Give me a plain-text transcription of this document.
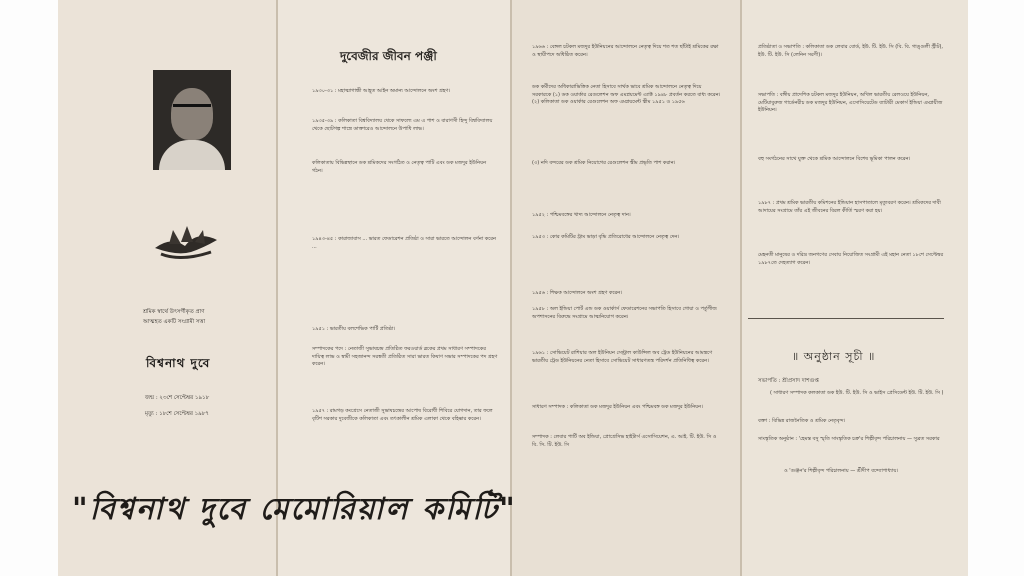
শ্রমিক স্বার্থে উৎসর্গীকৃত প্রাণ
আত্মহত একটি সংগ্রামী সত্তা
বিশ্বনাথ দুবে
জন্ম : ২৩শে সেপ্টেম্বর ১৯১৮
মৃত্যু : ১৮শে সেপ্টেম্বর ১৯৮৭
দুবেজীর জীবন পঞ্জী
১৯৩০-৩১ : মহাত্মাগান্ধী আহূত আইন অমান্য আন্দোলনে অংশ গ্রহণ।
১৯৩৫-৩৯ : কলিকাতা বিশ্ববিদ্যালয় থেকে সাফল্যে এম এ পাশ ও বারাণসী হিন্দু বিশ্ববিদ্যালয় থেকে ছোটগল্প শাস্ত্রে ডাক্তারেও আন্দোলনে উপাধি লাভ।
কলিকাতায় বিভিন্নস্থানে ডক শ্রমিকদের সংগঠিত ও নেতৃত্ব পাটি এবং ডক মজদুর ইউনিয়ন গঠন।
১৯৪৩-৪৫ : কারাজাবাস ... ভারত ফেডারেশন প্রতিষ্ঠা ও সারা ভারতে আন্দোলন বর্ণনা করেন ...
১৯৫১ : ভারতীয় বলশেভিক পার্টি প্রতিষ্ঠা।
সম্পাদকের পদে : নেতাজী সুভাষচন্দ্র প্রতিষ্ঠিত ফরওয়ার্ড ব্লকের প্রথম সাধারণ সম্পাদকের দায়িত্ব লাভ ও স্বামী সহজানন্দ সরস্বতী প্রতিষ্ঠিত সারা ভারত কিষাণ সভার সম্পাদকের পদ গ্রহণ করেন।
১৯৫৭ : রামগড় কংগ্রেসে নেতাজী সুভাষচন্দ্রের আপোষ বিরোধী শিবিরে যোগদান, তার ফলে বৃটিশ সরকার দুবেজীকে কলিকাতা এবং তৎকালীন শ্রমিক এলাকা থেকে বহিষ্কার করেন।
১৯৬৬ : বেঙ্গল চটকল মজদুর ইউনিয়নের আন্দোলনে নেতৃত্ব দিয়ে শত শত ছাঁটাই শ্রমিকের রক্ষা ও স্থায়ীপদে অধিষ্ঠিত করেন।
ডক কর্মীদের অধিকারাভিত্তিক নেতা হিসাবে সার্থক ভাবে শ্রমিক আন্দোলনে নেতৃত্ব দিয়ে সরকারকে (১) ডক ওয়ার্কার রেগুলেশন অফ এমপ্লয়মেন্ট এ্যাক্ট ১৯৪৮ প্রবর্তন করতে বাধ্য করেন। (২) কলিকাতা ডক ওয়ার্কার রেগুলেশন অফ এমপ্লয়মেন্ট স্কীম ১৯৫১ ও ১৯৫৬
(৩) নদি বন্দরের ডক শ্রমিক নিয়োগের রেগুলেশন স্কীম প্রভৃতি পাশ করান।
১৯৫২ : পশ্চিমবঙ্গের খাদ্য আন্দোলনে নেতৃত্ব দান।
১৯৫৩ : কোর কমিটির ট্রাম ভাড়া বৃদ্ধি প্রতিরোধের আন্দোলনে নেতৃত্ব দেন।
১৯৫৬ : শিক্ষক আন্দোলনে অংশ গ্রহণ করেন।
১৯৫৮ : অল ইন্ডিয়া পোর্ট এন্ড ডক ওয়ার্কার্স ফেডারেশনের সভাপতি হিসাবে গোয়া ও পর্তুগীজ অপশাসনের বিরুদ্ধে সংগ্রামে আত্মনিয়োগ করেন।
১৯৬১ : সোভিয়েট রাশিয়ার অল ইউনিয়ন সেন্ট্রাল কাউন্সিল অব ট্রেড ইউনিয়নের আমন্ত্রণে ভারতীয় ট্রেড ইউনিয়নের নেতা হিসাবে সোভিয়েট সাধারণতন্ত্র পরিদর্শন প্রতিনিধিত্ব করেন।
সাধারণ সম্পাদক : কলিকাতা ডক মজদুর ইউনিয়ন এবং পশ্চিমবঙ্গ ডক মজদুর ইউনিয়ন।
সম্পাদক : লেবার পার্টি অব ইন্ডিয়া, প্রোগ্রেসিভ হাইটার্স এসোসিয়েশন, এ. আই. টি. ইউ. সি ও বি. সি. টি. ইউ. সি
প্রতিষ্ঠাতা ও সভাপতি : কলিকাতা ডক লেবার বোর্ড, ইউ. টি. ইউ. সি (বি. বি. গাঙ্গুলী স্ট্রীট), ইউ. টি. ইউ. সি (লেনিন সরণী)।
সভাপতি : বঙ্গীয় প্রাদেশিক চটকল মজদুর ইউনিয়ন, অখিল ভারতীয় রেলওয়ে ইউনিয়ন, মেটিয়াবুরুজ গার্ডেনরীচ ডক মজদুর ইউনিয়ন, এসোসিয়েটেড ব্যাটারী মেকার্স ইন্ডিয়া এমপ্লয়ীজ ইউনিয়ন।
বহু সংগঠনের সাথে যুক্ত থেকে শ্রমিক আন্দোলনে বিশেষ ভূমিকা পালন করেন।
১৯৮৭ : প্রথম শ্রমিক ভারতীয় কমিশনের ইন্ডিয়ান হাসপাতালে মৃত্যুবরণ করেন। শ্রমিকদের দাবী আদায়ের সংগ্রামে তাঁর এই জীবনের বিরল কীর্তি স্মরণ করা হয়।
মেহনতী মানুষের ও দরিদ্র জনগণের সেবায় নিয়োজিত সংগ্রামী এই মহান নেতা ১৮শে সেপ্টেম্বর ১৯৮৭তে দেহত্যাগ করেন।
॥ অনুষ্ঠান সূচী ॥
সভাপতি : শ্রীপ্রসাদ দাশগুপ্ত
( সাধারণ সম্পাদক কলকাতা ডক ইউ. টি. ইউ. সি ও ভাইস প্রেসিডেন্ট ইউ. টি. ইউ. সি )
বক্তা : বিভিন্ন রাজনৈতিক ও শ্রমিক নেতৃবৃন্দ।
সাংস্কৃতিক অনুষ্ঠান : 'হেমন্ত বসু স্মৃতি সাংস্কৃতিক চক্র'র শিল্পীবৃন্দ পরিচালনায় — সুব্রত সরকার
ও 'গুঞ্জন'র শিল্পীবৃন্দ পরিচালনায় — শ্রীদীপ বন্দ্যোপাধ্যায়।
"বিশ্বনাথ দুবে মেমোরিয়াল কমিটি"
